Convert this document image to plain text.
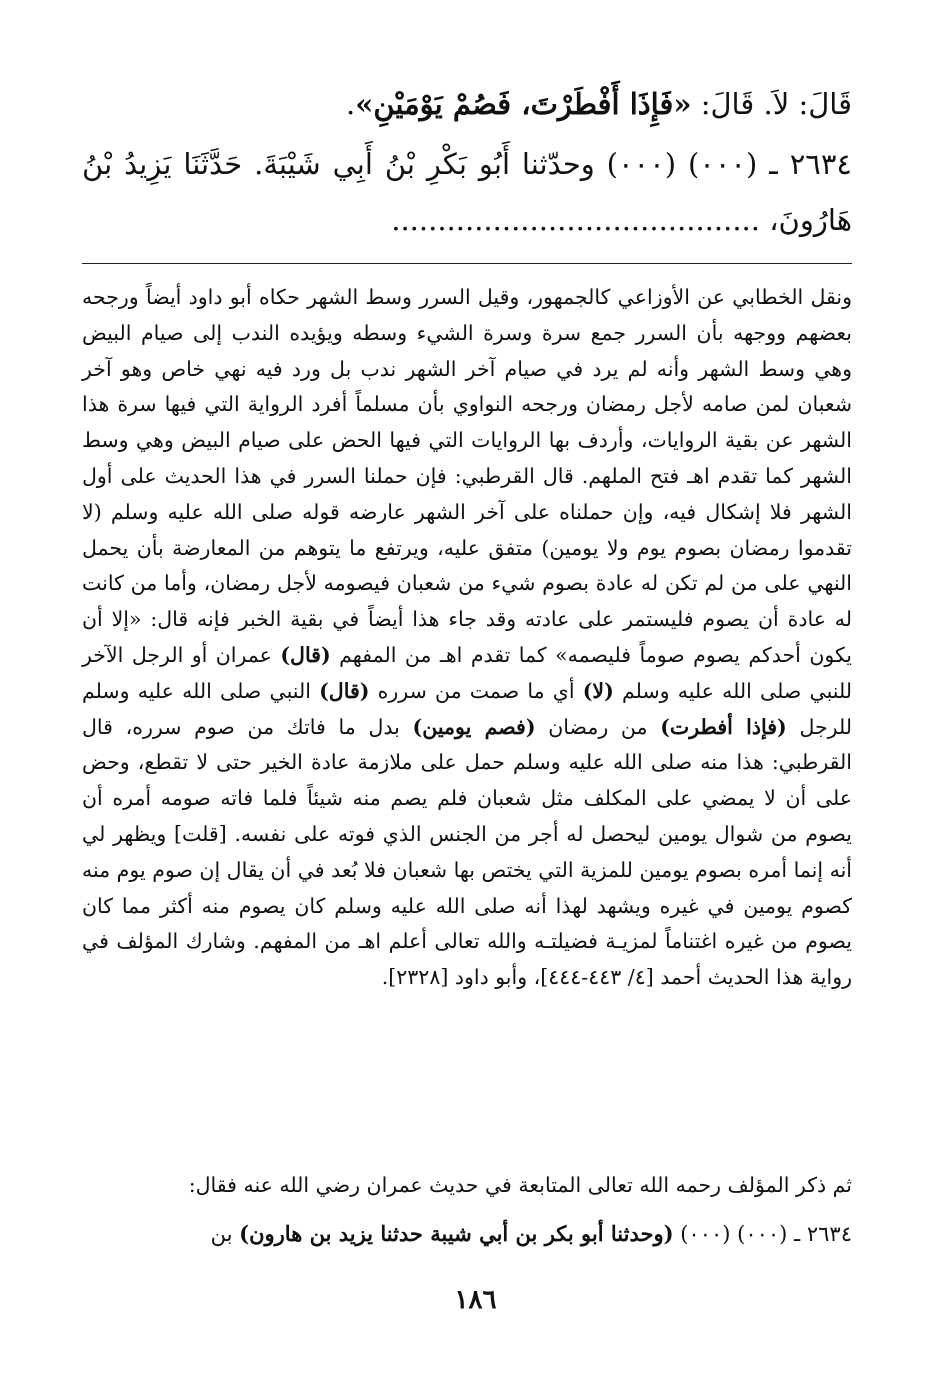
قَالَ: لاَ. قَالَ: «فَإِذَا أَفْطَرْتَ، فَصُمْ يَوْمَيْنِ».

٢٦٣٤ ـ (٠٠٠) (٠٠٠) وحدّثنا أَبُو بَكْرِ بْنُ أَبِي شَيْبَةَ. حَدَّثَنَا يَزِيدُ بْنُ هَارُونَ، ........................................

ونقل الخطابي عن الأوزاعي كالجمهور، وقيل السرر وسط الشهر حكاه أبو داود أيضاً ورجحه بعضهم ووجهه بأن السرر جمع سرة وسرة الشيء وسطه ويؤيده الندب إلى صيام البيض وهي وسط الشهر وأنه لم يرد في صيام آخر الشهر ندب بل ورد فيه نهي خاص وهو آخر شعبان لمن صامه لأجل رمضان ورجحه النواوي بأن مسلماً أفرد الرواية التي فيها سرة هذا الشهر عن بقية الروايات، وأردف بها الروايات التي فيها الحض على صيام البيض وهي وسط الشهر كما تقدم اهـ فتح الملهم. قال القرطبي: فإن حملنا السرر في هذا الحديث على أول الشهر فلا إشكال فيه، وإن حملناه على آخر الشهر عارضه قوله صلى الله عليه وسلم (لا تقدموا رمضان بصوم يوم ولا يومين) متفق عليه، ويرتفع ما يتوهم من المعارضة بأن يحمل النهي على من لم تكن له عادة بصوم شيء من شعبان فيصومه لأجل رمضان، وأما من كانت له عادة أن يصوم فليستمر على عادته وقد جاء هذا أيضاً في بقية الخبر فإنه قال: «إلا أن يكون أحدكم يصوم صوماً فليصمه» كما تقدم اهـ من المفهم (قال) عمران أو الرجل الآخر للنبي صلى الله عليه وسلم (لا) أي ما صمت من سرره (قال) النبي صلى الله عليه وسلم للرجل (فإذا أفطرت) من رمضان (فصم يومين) بدل ما فاتك من صوم سرره، قال القرطبي: هذا منه صلى الله عليه وسلم حمل على ملازمة عادة الخير حتى لا تقطع، وحض على أن لا يمضي على المكلف مثل شعبان فلم يصم منه شيئاً فلما فاته صومه أمره أن يصوم من شوال يومين ليحصل له أجر من الجنس الذي فوته على نفسه. [قلت] ويظهر لي أنه إنما أمره بصوم يومين للمزية التي يختص بها شعبان فلا بُعد في أن يقال إن صوم يوم منه كصوم يومين في غيره ويشهد لهذا أنه صلى الله عليه وسلم كان يصوم منه أكثر مما كان يصوم من غيره اغتناماً لمزيـة فضيلتـه والله تعالى أعلم اهـ من المفهم. وشارك المؤلف في رواية هذا الحديث أحمد [٤/ ٤٤٣-٤٤٤]، وأبو داود [٢٣٢٨].

ثم ذكر المؤلف رحمه الله تعالى المتابعة في حديث عمران رضي الله عنه فقال:

٢٦٣٤ ـ (٠٠٠) (٠٠٠) (وحدثنا أبو بكر بن أبي شيبة حدثنا يزيد بن هارون) بن

١٨٦
